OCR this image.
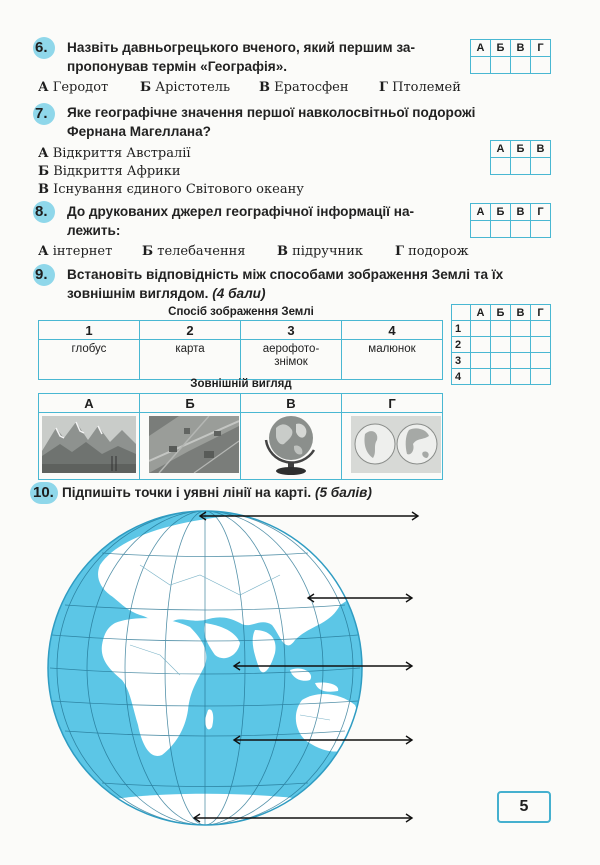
6.	Назвіть давньогрецького вченого, який першим за-
пропонував термін «Географія».
А	Б	В	Г

А Геродот Б Арістотель В Ератосфен Г Птолемей
7.	Яке географічне значення першої навколосвітньої подорожі
Фернана Магеллана?
А	Б	В

А Відкриття Австралії
Б Відкриття Африки
В Існування єдиного Світового океану
8.	До друкованих джерел географічної інформації на-
лежить:
А	Б	В	Г

А інтернет Б телебачення В підручник Г подорож
9.	Встановіть відповідність між способами зображення Землі та їх
зовнішнім виглядом. (4 бали)
Спосіб зображення Землі
1	2	3	4
глобус	карта	аерофото-знімок	малюнок
Зовнішній вигляд
А	Б	В	Г

	А	Б	В	Г
1				
2				
3				
4				
10. Підпишіть точки і уявні лінії на карті. (5 балів)
5
